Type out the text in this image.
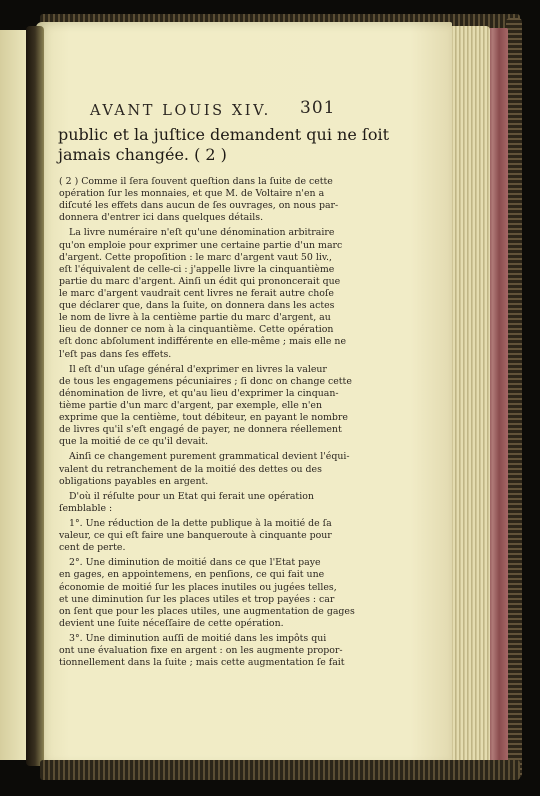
AVANT LOUIS XIV.	301
public et la juſtice demandent qui ne ſoit
jamais changée. ( 2 )
( 2 ) Comme il ſera ſouvent queſtion dans la ſuite de cette
opération ſur les monnaies, et que M. de Voltaire n'en a
diſcuté les effets dans aucun de ſes ouvrages, on nous par-
donnera d'entrer ici dans quelques détails.
La livre numéraire n'eſt qu'une dénomination arbitraire
qu'on emploie pour exprimer une certaine partie d'un marc
d'argent. Cette propoſition : le marc d'argent vaut 50 liv.,
eſt l'équivalent de celle-ci : j'appelle livre la cinquantième
partie du marc d'argent. Ainſi un édit qui prononcerait que
le marc d'argent vaudrait cent livres ne ferait autre choſe
que déclarer que, dans la ſuite, on donnera dans les actes
le nom de livre à la centième partie du marc d'argent, au
lieu de donner ce nom à la cinquantième. Cette opération
eſt donc abſolument indifférente en elle-même ; mais elle ne
l'eſt pas dans ſes effets.
Il eſt d'un uſage général d'exprimer en livres la valeur
de tous les engagemens pécuniaires ; ſi donc on change cette
dénomination de livre, et qu'au lieu d'exprimer la cinquan-
tième partie d'un marc d'argent, par exemple, elle n'en
exprime que la centième, tout débiteur, en payant le nombre
de livres qu'il s'eſt engagé de payer, ne donnera réellement
que la moitié de ce qu'il devait.
Ainſi ce changement purement grammatical devient l'équi-
valent du retranchement de la moitié des dettes ou des
obligations payables en argent.
D'où il réſulte pour un Etat qui ferait une opération
ſemblable :
1°. Une réduction de la dette publique à la moitié de ſa
valeur, ce qui eſt faire une banqueroute à cinquante pour
cent de perte.
2°. Une diminution de moitié dans ce que l'Etat paye
en gages, en appointemens, en penſions, ce qui fait une
économie de moitié ſur les places inutiles ou jugées telles,
et une diminution ſur les places utiles et trop payées : car
on ſent que pour les places utiles, une augmentation de gages
devient une ſuite néceſſaire de cette opération.
3°. Une diminution auſſi de moitié dans les impôts qui
ont une évaluation fixe en argent : on les augmente propor-
tionnellement dans la ſuite ; mais cette augmentation ſe fait
